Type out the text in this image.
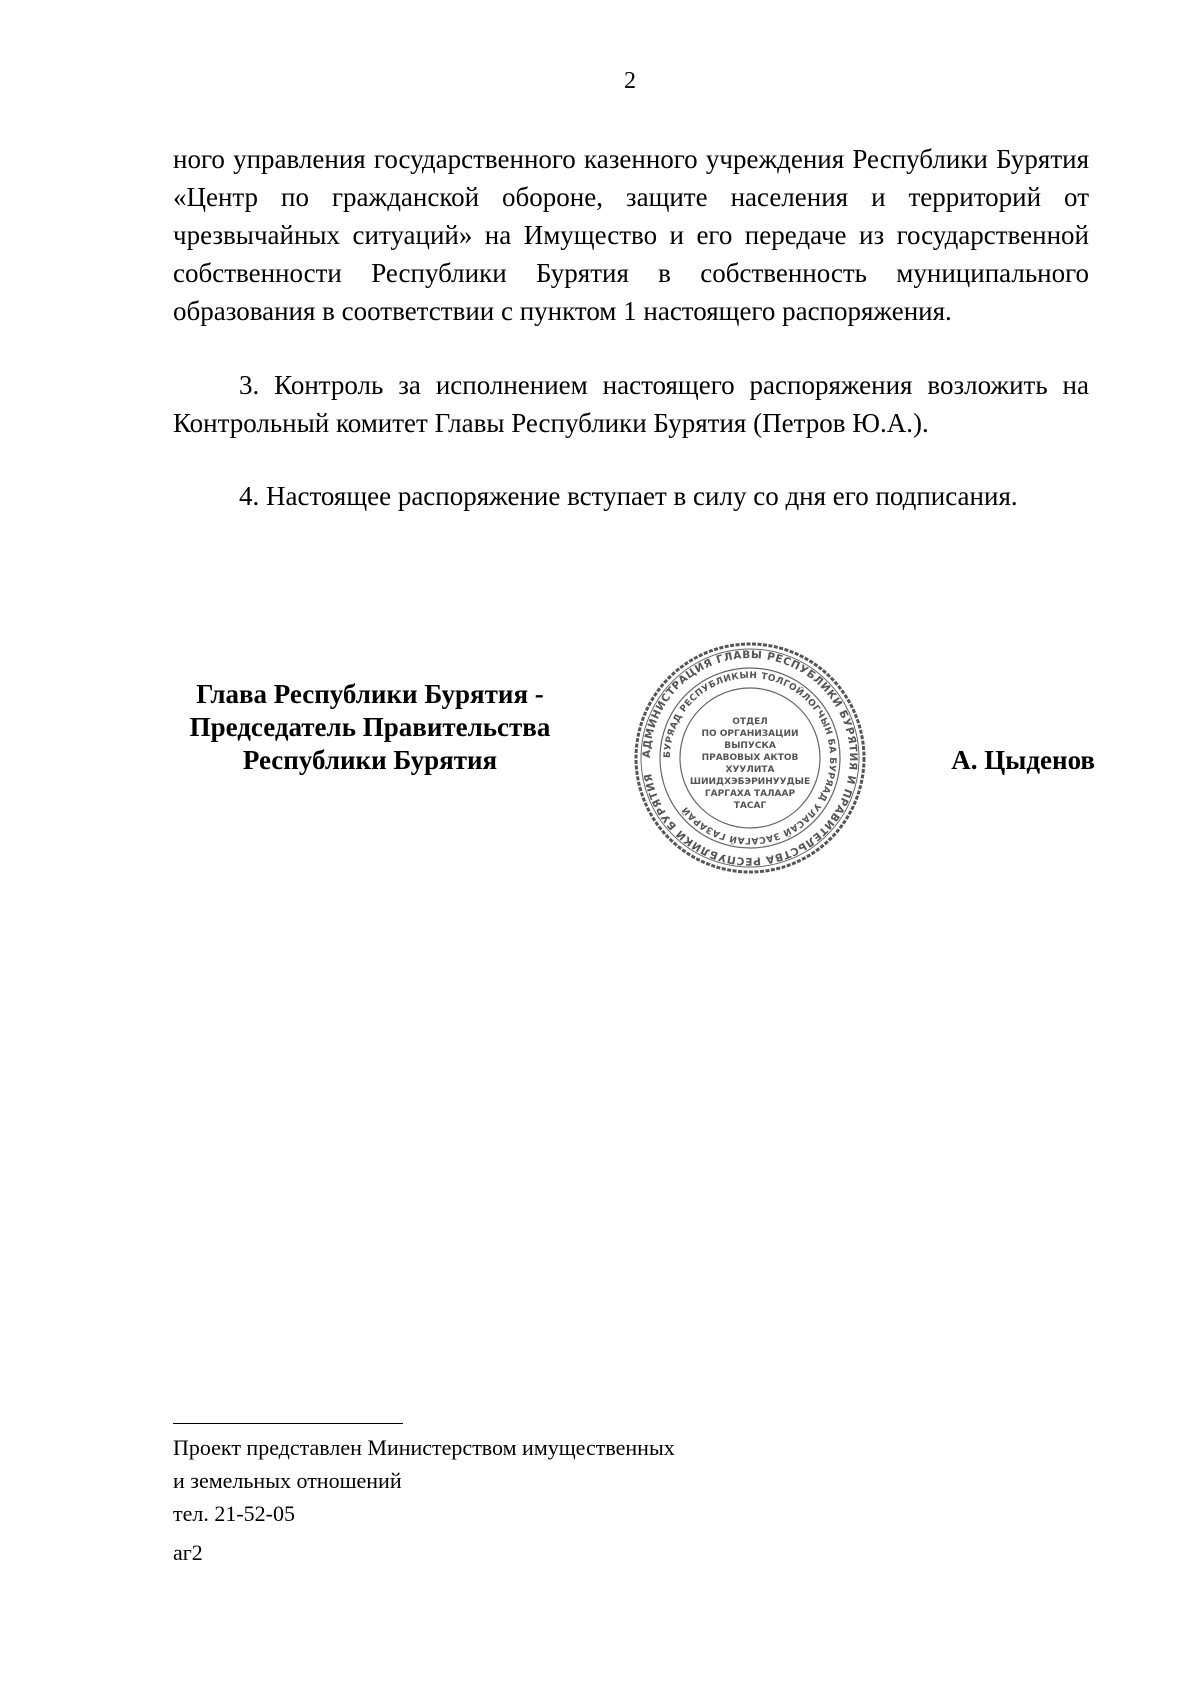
2
ного управления государственного казенного учреждения Республики Бурятия «Центр по гражданской обороне, защите населения и территорий от чрезвычайных ситуаций» на Имущество и его передаче из государственной собственности Республики Бурятия в собственность муниципального образования в соответствии с пунктом 1 настоящего распоряжения.
3. Контроль за исполнением настоящего распоряжения возложить на Контрольный комитет Главы Республики Бурятия (Петров Ю.А.).
4. Настоящее распоряжение вступает в силу со дня его подписания.
Глава Республики Бурятия -
Председатель Правительства
Республики Бурятия	АДМИНИСТРАЦИЯ ГЛАВЫ РЕСПУБЛИКИ БУРЯТИЯ И ПРАВИТЕЛЬСТВА РЕСПУБЛИКИ БУРЯТИЯ
БУРЯАД РЕСПУБЛИКЫН ТОЛГОЙЛОГЧЫН БА БУРЯАД УЛАСАЙ ЗАСАГАЙ ГАЗАРАЙ
ОТДЕЛ
ПО ОРГАНИЗАЦИИ
ВЫПУСКА
ПРАВОВЫХ АКТОВ
ХУУЛИТА
ШИИДХЭБЭРИНУУДЫЕ
ГАРГАХА ТАЛААР
ТАСАГ
А. Цыденов
Проект представлен Министерством имущественных
и земельных отношений
тел. 21-52-05
аг2
